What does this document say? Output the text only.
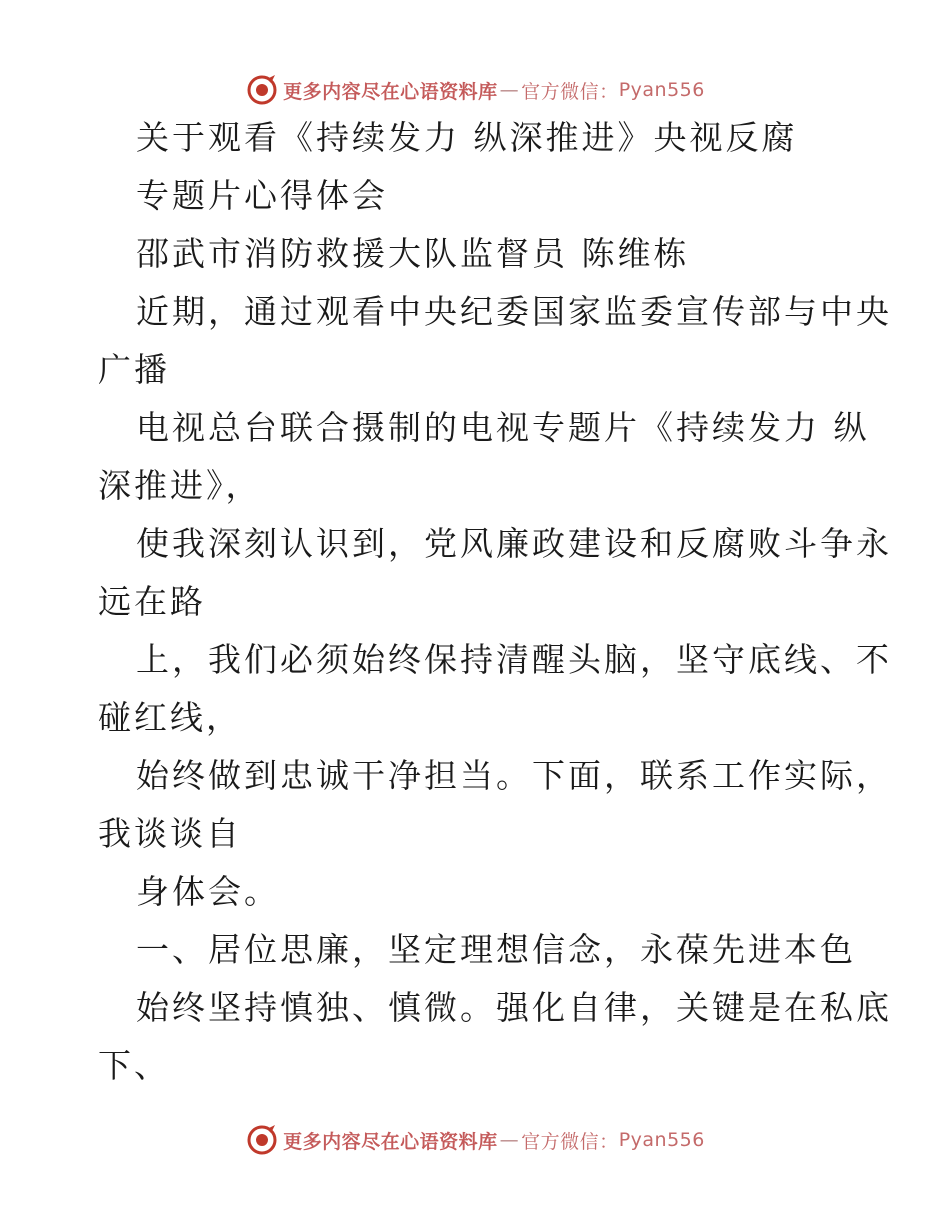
更多内容尽在心语资料库 — 官方微信： Pyan556
关于观看《持续发力 纵深推进》央视反腐
专题片心得体会
邵武市消防救援大队监督员 陈维栋
近期，通过观看中央纪委国家监委宣传部与中央
广播
电视总台联合摄制的电视专题片《持续发力 纵
深推进》，
使我深刻认识到，党风廉政建设和反腐败斗争永
远在路
上，我们必须始终保持清醒头脑，坚守底线、不
碰红线，
始终做到忠诚干净担当。下面，联系工作实际，
我谈谈自
身体会。
一、居位思廉，坚定理想信念，永葆先进本色
始终坚持慎独、慎微。强化自律，关键是在私底
下、
更多内容尽在心语资料库 — 官方微信： Pyan556
